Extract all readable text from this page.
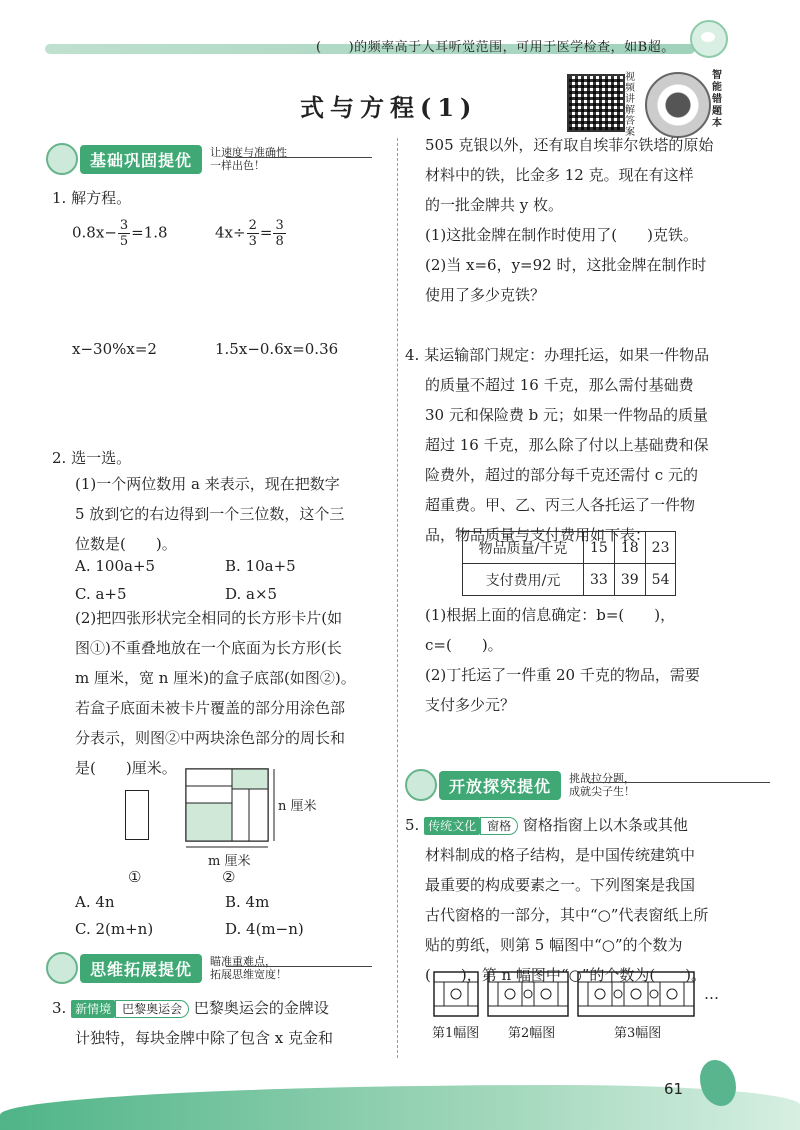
(　　)的频率高于人耳听觉范围，可用于医学检查，如B超。
式与方程(1)
视频讲解答案
智能错题本
基础巩固提优	让速度与准确性
一样出色！
1. 解方程。
$0.8x- \frac{3}{5} =1.8$	$4x\div \frac{2}{3} = \frac{3}{8}$
x−30%x=2	1.5x−0.6x=0.36
2. 选一选。
(1)一个两位数用 a 来表示，现在把数字
5 放到它的右边得到一个三位数，这个三
位数是(　　)。
A. 100a+5	B. 10a+5
C. a+5	D. a×5
(2)把四张形状完全相同的长方形卡片(如
图①)不重叠地放在一个底面为长方形(长
m 厘米，宽 n 厘米)的盒子底部(如图②)。
若盒子底面未被卡片覆盖的部分用涂色部
分表示，则图②中两块涂色部分的周长和
是(　　)厘米。
n 厘米
m 厘米
①	②
A. 4n	B. 4m
C. 2(m+n)	D. 4(m−n)
思维拓展提优	瞄准重难点，
拓展思维宽度！
3. 新情境 巴黎奥运会 巴黎奥运会的金牌设
计独特，每块金牌中除了包含 x 克金和
505 克银以外，还有取自埃菲尔铁塔的原始
材料中的铁，比金多 12 克。现在有这样
的一批金牌共 y 枚。
(1)这批金牌在制作时使用了(　　)克铁。
(2)当 x=6，y=92 时，这批金牌在制作时
使用了多少克铁？
4. 某运输部门规定：办理托运，如果一件物品
的质量不超过 16 千克，那么需付基础费
30 元和保险费 b 元；如果一件物品的质量
超过 16 千克，那么除了付以上基础费和保
险费外，超过的部分每千克还需付 c 元的
超重费。甲、乙、丙三人各托运了一件物
品，物品质量与支付费用如下表：
物品质量/千克	15	18	23
支付费用/元	33	39	54
(1)根据上面的信息确定：b=(　　)，
c=(　　)。
(2)丁托运了一件重 20 千克的物品，需要
支付多少元？
开放探究提优	挑战拉分题，
成就尖子生！
5. 传统文化 窗格 窗格指窗上以木条或其他
材料制成的格子结构，是中国传统建筑中
最重要的构成要素之一。下列图案是我国
古代窗格的一部分，其中“○”代表窗纸上所
贴的剪纸，则第 5 幅图中“○”的个数为
(　　)，第 n 幅图中“○”的个数为(　　)。
…
第1幅图 第2幅图	第3幅图
61
